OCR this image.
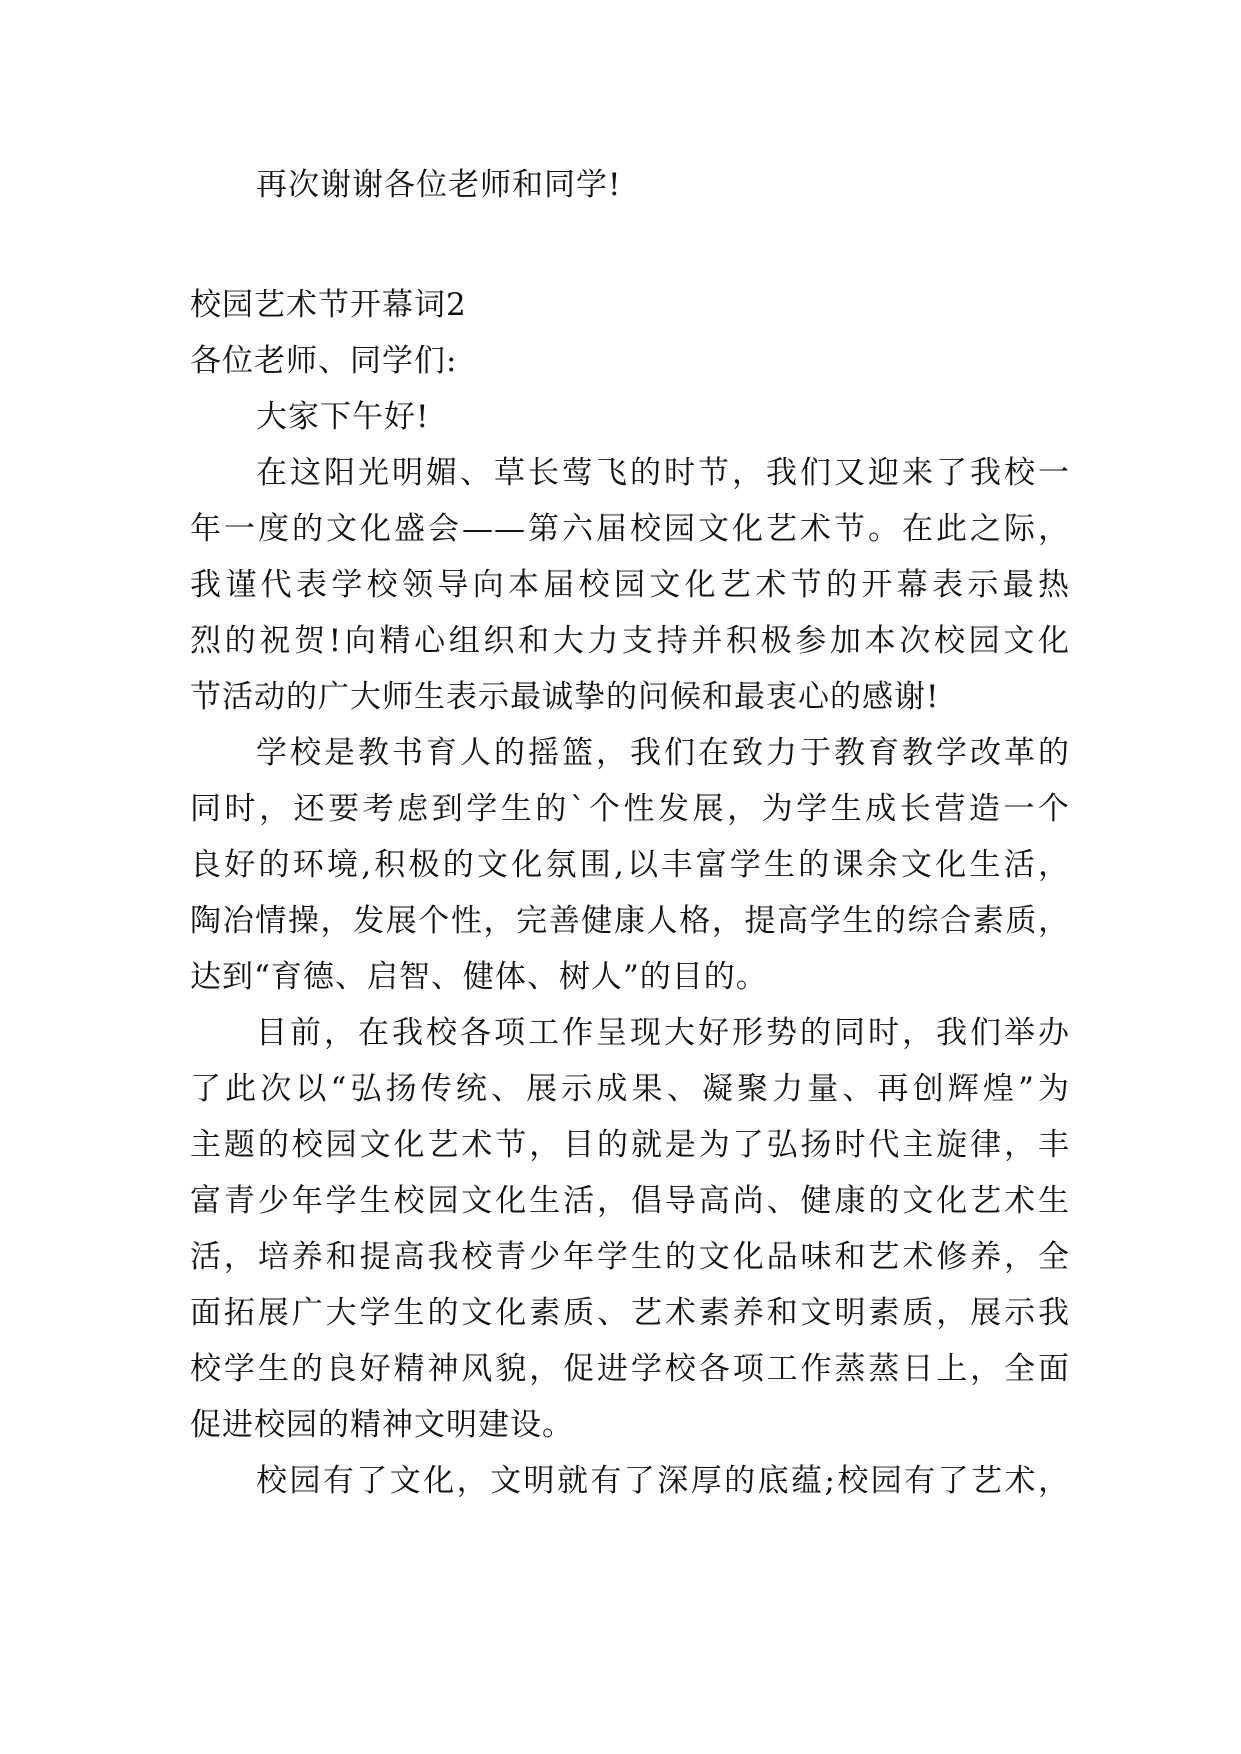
再次谢谢各位老师和同学!
校园艺术节开幕词2
各位老师、同学们:
大家下午好!
在这阳光明媚、草长莺飞的时节，我们又迎来了我校一
年一度的文化盛会——第六届校园文化艺术节。在此之际，
我谨代表学校领导向本届校园文化艺术节的开幕表示最热
烈的祝贺!向精心组织和大力支持并积极参加本次校园文化
节活动的广大师生表示最诚挚的问候和最衷心的感谢!
学校是教书育人的摇篮，我们在致力于教育教学改革的
同时，还要考虑到学生的`个性发展，为学生成长营造一个
良好的环境,积极的文化氛围,以丰富学生的课余文化生活，
陶冶情操，发展个性，完善健康人格，提高学生的综合素质，
达到“育德、启智、健体、树人”的目的。
目前，在我校各项工作呈现大好形势的同时，我们举办
了此次以“弘扬传统、展示成果、凝聚力量、再创辉煌”为
主题的校园文化艺术节，目的就是为了弘扬时代主旋律，丰
富青少年学生校园文化生活，倡导高尚、健康的文化艺术生
活，培养和提高我校青少年学生的文化品味和艺术修养，全
面拓展广大学生的文化素质、艺术素养和文明素质，展示我
校学生的良好精神风貌，促进学校各项工作蒸蒸日上，全面
促进校园的精神文明建设。
校园有了文化，文明就有了深厚的底蕴;校园有了艺术，
